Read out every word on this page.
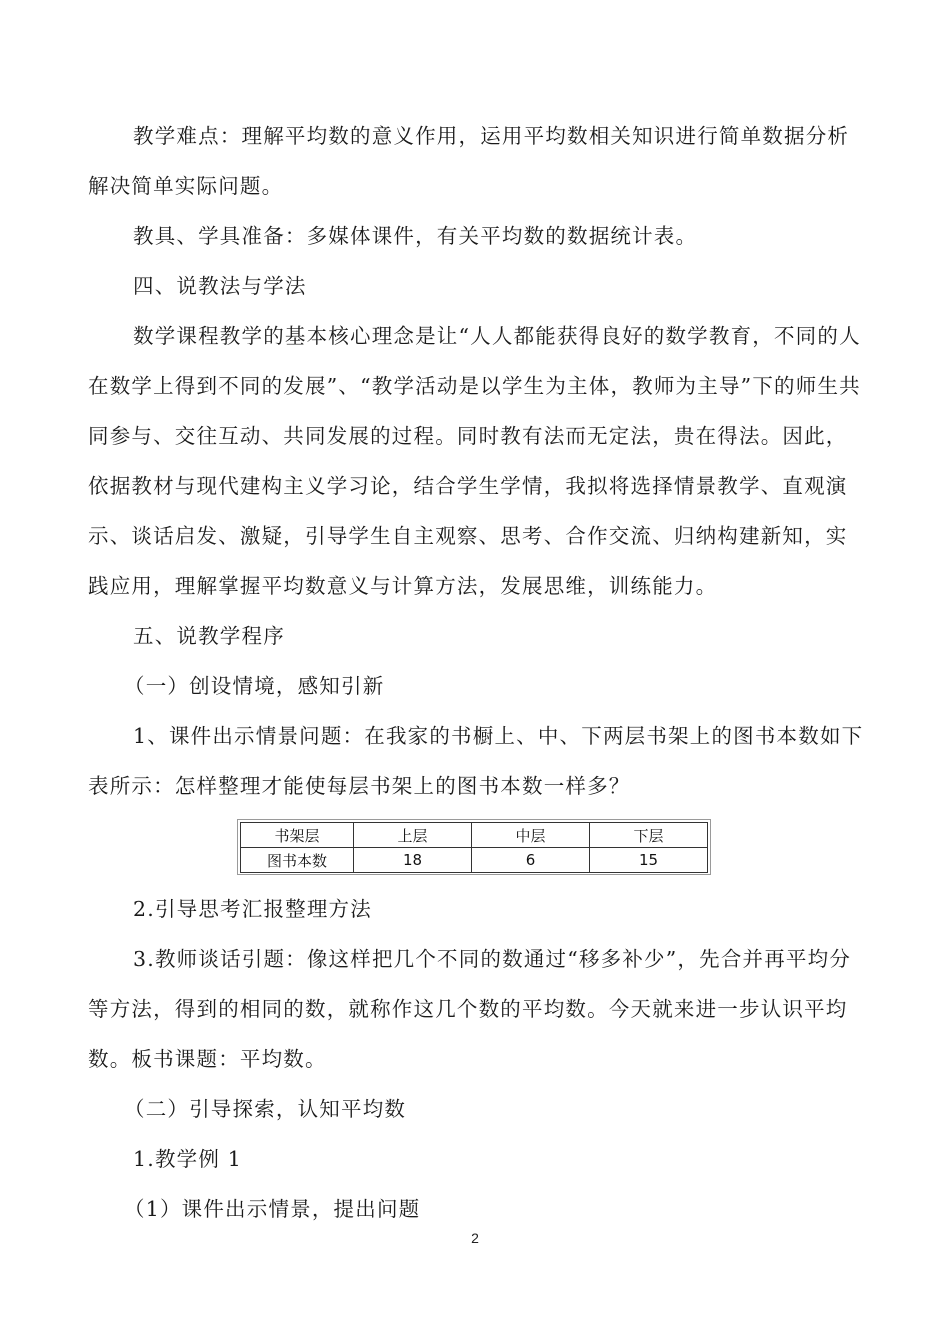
教学难点：理解平均数的意义作用，运用平均数相关知识进行简单数据分析解决简单实际问题。

教具、学具准备：多媒体课件，有关平均数的数据统计表。

四、说教法与学法

数学课程教学的基本核心理念是让“人人都能获得良好的数学教育，不同的人在数学上得到不同的发展”、“教学活动是以学生为主体，教师为主导”下的师生共同参与、交往互动、共同发展的过程。同时教有法而无定法，贵在得法。因此，依据教材与现代建构主义学习论，结合学生学情，我拟将选择情景教学、直观演示、谈话启发、激疑，引导学生自主观察、思考、合作交流、归纳构建新知，实践应用，理解掌握平均数意义与计算方法，发展思维，训练能力。

五、说教学程序

（一）创设情境，感知引新

1、课件出示情景问题：在我家的书橱上、中、下两层书架上的图书本数如下表所示：怎样整理才能使每层书架上的图书本数一样多？

书架层	上层	中层	下层
图书本数	18	6	15

2.引导思考汇报整理方法

3.教师谈话引题：像这样把几个不同的数通过“移多补少”，先合并再平均分等方法，得到的相同的数，就称作这几个数的平均数。今天就来进一步认识平均数。板书课题：平均数。

（二）引导探索，认知平均数

1.教学例 1

（1）课件出示情景，提出问题

2
